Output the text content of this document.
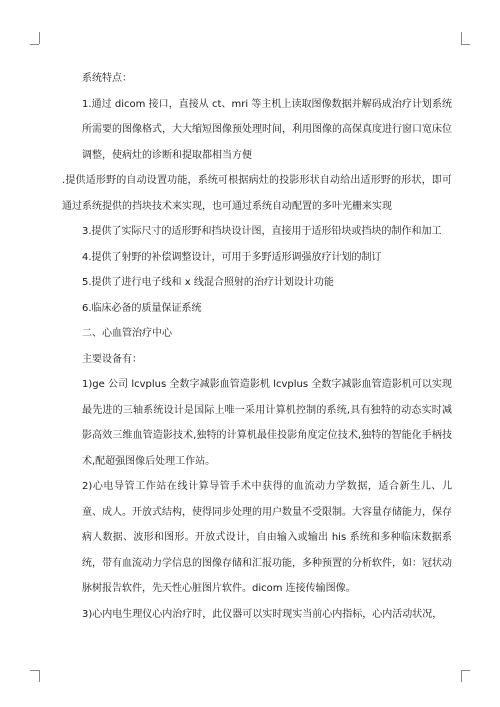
系统特点：

1.通过 dicom 接口，直接从 ct、mri 等主机上读取图像数据并解码成治疗计划系统所需要的图像格式，大大缩短图像预处理时间，利用图像的高保真度进行窗口宽床位调整，使病灶的诊断和提取都相当方便

.提供适形野的自动设置功能，系统可根据病灶的投影形状自动给出适形野的形状，即可通过系统提供的挡块技术来实现，也可通过系统自动配置的多叶光栅来实现

3.提供了实际尺寸的适形野和挡块设计图，直接用于适形铅块或挡块的制作和加工

4.提供了射野的补偿调整设计，可用于多野适形调强放疗计划的制订

5.提供了进行电子线和 x 线混合照射的治疗计划设计功能

6.临床必备的质量保证系统

二、心血管治疗中心

主要设备有：

1)ge 公司 lcvplus 全数字减影血管造影机 lcvplus 全数字减影血管造影机可以实现最先进的三轴系统设计是国际上唯一采用计算机控制的系统,具有独特的动态实时减影高效三维血管造影技术,独特的计算机最佳投影角度定位技术,独特的智能化手柄技术,配超强图像后处理工作站。

2)心电导管工作站在线计算导管手术中获得的血流动力学数据，适合新生儿、儿童、成人。开放式结构，使得同步处理的用户数量不受限制。大容量存储能力，保存病人数据、波形和图形。开放式设计，自由输入或输出 his 系统和多种临床数据系统，带有血流动力学信息的图像存储和汇报功能，多种预置的分析软件，如：冠状动脉树报告软件，先天性心脏图片软件。dicom 连接传输图像。

3)心内电生理仪心内治疗时，此仪器可以实时现实当前心内指标，心内活动状况，
